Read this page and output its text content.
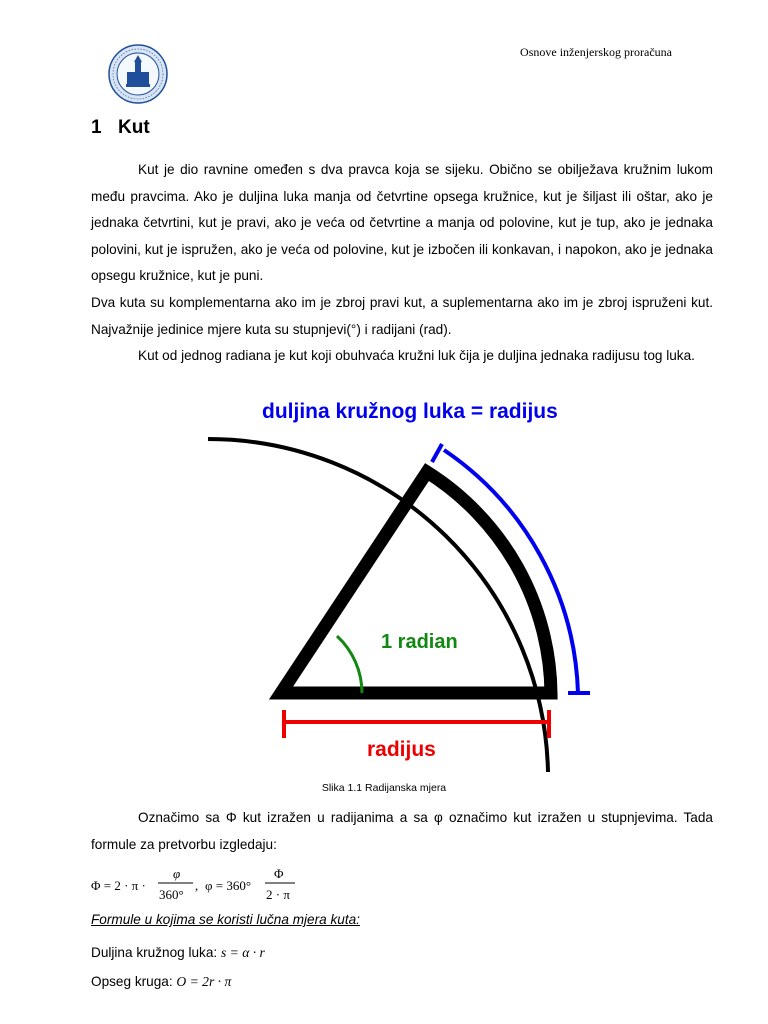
Osnove inženjerskog proračuna
1 Kut

Kut je dio ravnine omeđen s dva pravca koja se sijeku. Obično se obilježava kružnim lukom među pravcima. Ako je duljina luka manja od četvrtine opsega kružnice, kut je šiljast ili oštar, ako je jednaka četvrtini, kut je pravi, ako je veća od četvrtine a manja od polovine, kut je tup, ako je jednaka polovini, kut je ispružen, ako je veća od polovine, kut je izbočen ili konkavan, i napokon, ako je jednaka opsegu kružnice, kut je puni.

Dva kuta su komplementarna ako im je zbroj pravi kut, a suplementarna ako im je zbroj ispruženi kut. Najvažnije jedinice mjere kuta su stupnjevi(°) i radijani (rad).

Kut od jednog radiana je kut koji obuhvaća kružni luk čija je duljina jednaka radijusu tog luka.

1 radian
duljina kružnog luka = radijus
radijus
Slika 1.1 Radijanska mjera

Označimo sa Φ kut izražen u radijanima a sa φ označimo kut izražen u stupnjevima. Tada formule za pretvorbu izgledaju:

Φ = 2 · π ·
φ
360°
, φ = 360°
Φ
2 · π
Formule u kojima se koristi lučna mjera kuta:
Duljina kružnog luka: s = α · r
Opseg kruga: O = 2r · π
